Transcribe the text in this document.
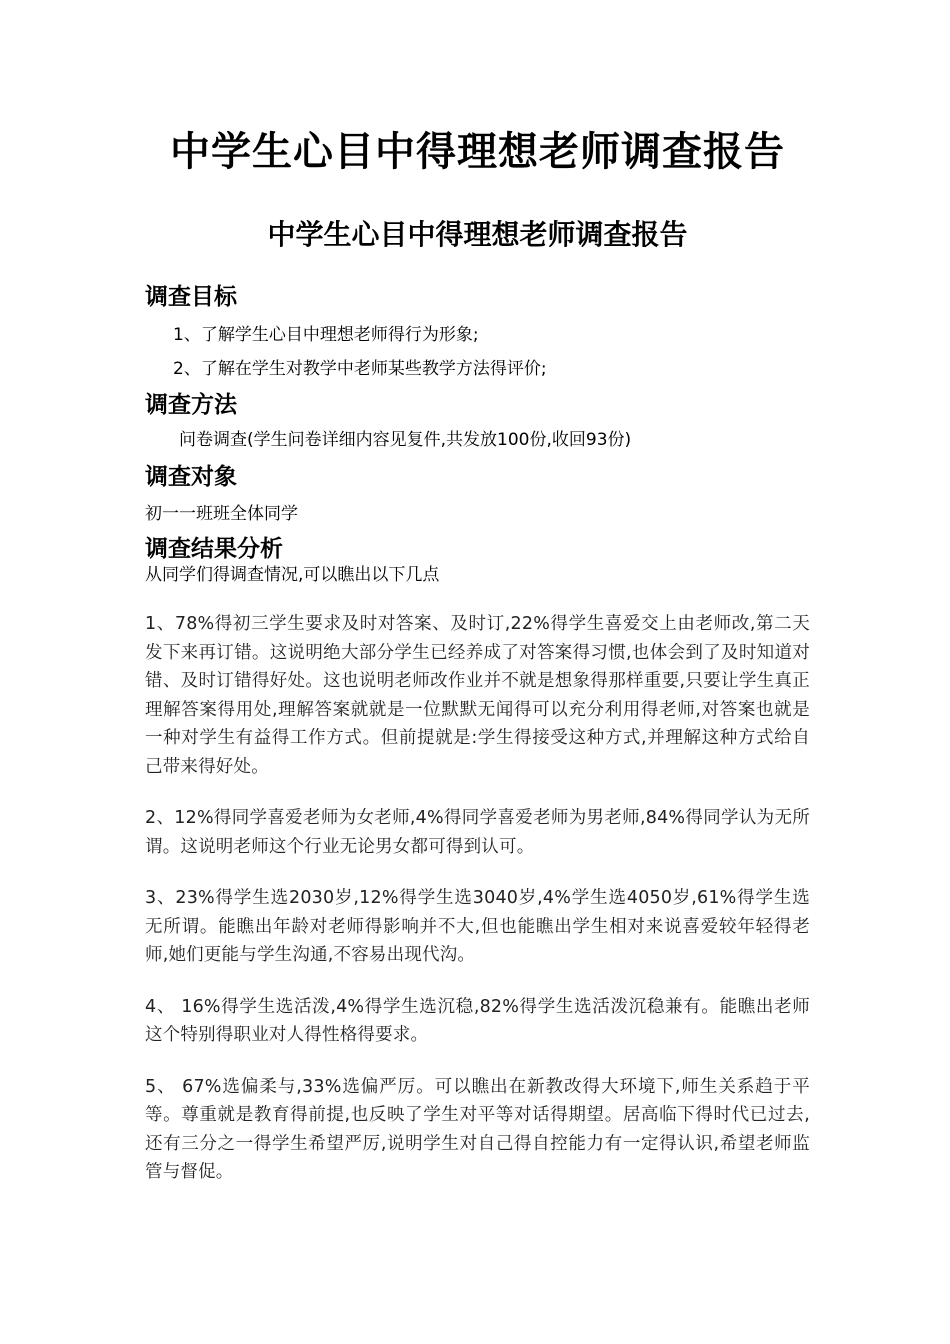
中学生心目中得理想老师调查报告
中学生心目中得理想老师调查报告
调查目标

1、了解学生心目中理想老师得行为形象;

2、了解在学生对教学中老师某些教学方法得评价;

调查方法

问卷调查(学生问卷详细内容见复件,共发放100份,收回93份)

调查对象

初一一班班全体同学

调查结果分析

从同学们得调查情况,可以瞧出以下几点

1、78%得初三学生要求及时对答案、及时订,22%得学生喜爱交上由老师改,第二天发下来再订错。这说明绝大部分学生已经养成了对答案得习惯,也体会到了及时知道对错、及时订错得好处。这也说明老师改作业并不就是想象得那样重要,只要让学生真正理解答案得用处,理解答案就就是一位默默无闻得可以充分利用得老师,对答案也就是一种对学生有益得工作方式。但前提就是:学生得接受这种方式,并理解这种方式给自己带来得好处。

2、12%得同学喜爱老师为女老师,4%得同学喜爱老师为男老师,84%得同学认为无所谓。这说明老师这个行业无论男女都可得到认可。

3、23%得学生选2030岁,12%得学生选3040岁,4%学生选4050岁,61%得学生选无所谓。能瞧出年龄对老师得影响并不大,但也能瞧出学生相对来说喜爱较年轻得老师,她们更能与学生沟通,不容易出现代沟。

4、 16%得学生选活泼,4%得学生选沉稳,82%得学生选活泼沉稳兼有。能瞧出老师这个特别得职业对人得性格得要求。

5、 67%选偏柔与,33%选偏严厉。可以瞧出在新教改得大环境下,师生关系趋于平等。尊重就是教育得前提,也反映了学生对平等对话得期望。居高临下得时代已过去,还有三分之一得学生希望严厉,说明学生对自己得自控能力有一定得认识,希望老师监管与督促。
